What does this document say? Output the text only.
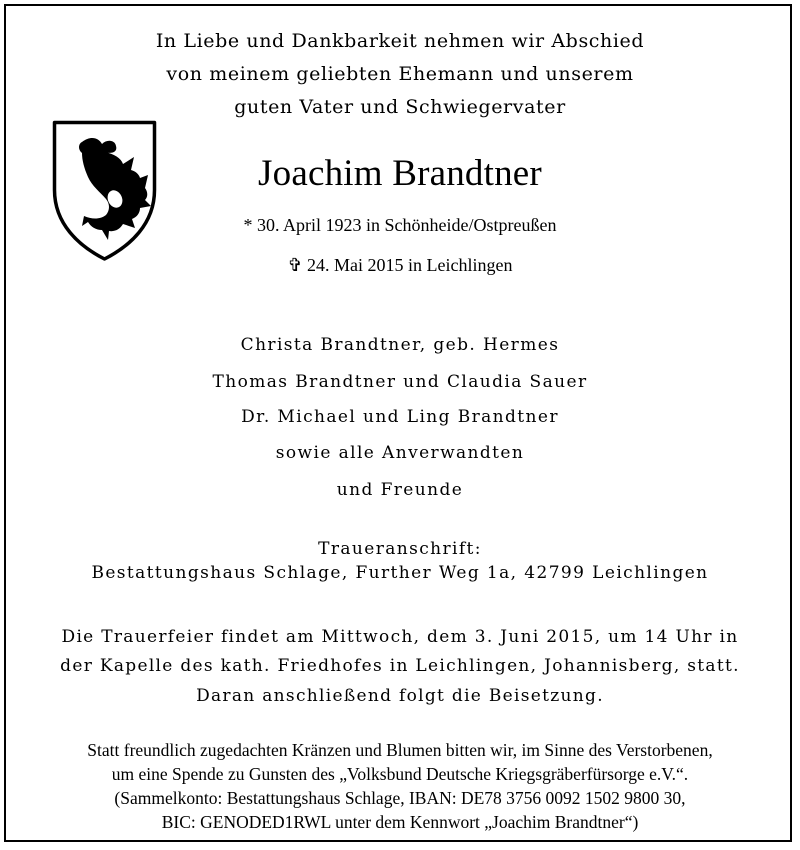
In Liebe und Dankbarkeit nehmen wir Abschied

von meinem geliebten Ehemann und unserem

guten Vater und Schwiegervater

Joachim Brandtner

* 30. April 1923 in Schönheide/Ostpreußen

✞ 24. Mai 2015 in Leichlingen

Christa Brandtner, geb. Hermes

Thomas Brandtner und Claudia Sauer

Dr. Michael und Ling Brandtner

sowie alle Anverwandten

und Freunde

Traueranschrift:

Bestattungshaus Schlage, Further Weg 1a, 42799 Leichlingen

Die Trauerfeier findet am Mittwoch, dem 3. Juni 2015, um 14 Uhr in

der Kapelle des kath. Friedhofes in Leichlingen, Johannisberg, statt.

Daran anschließend folgt die Beisetzung.

Statt freundlich zugedachten Kränzen und Blumen bitten wir, im Sinne des Verstorbenen,

um eine Spende zu Gunsten des „Volksbund Deutsche Kriegsgräberfürsorge e.V.“.

(Sammelkonto: Bestattungshaus Schlage, IBAN: DE78 3756 0092 1502 9800 30,

BIC: GENODED1RWL unter dem Kennwort „Joachim Brandtner“)
